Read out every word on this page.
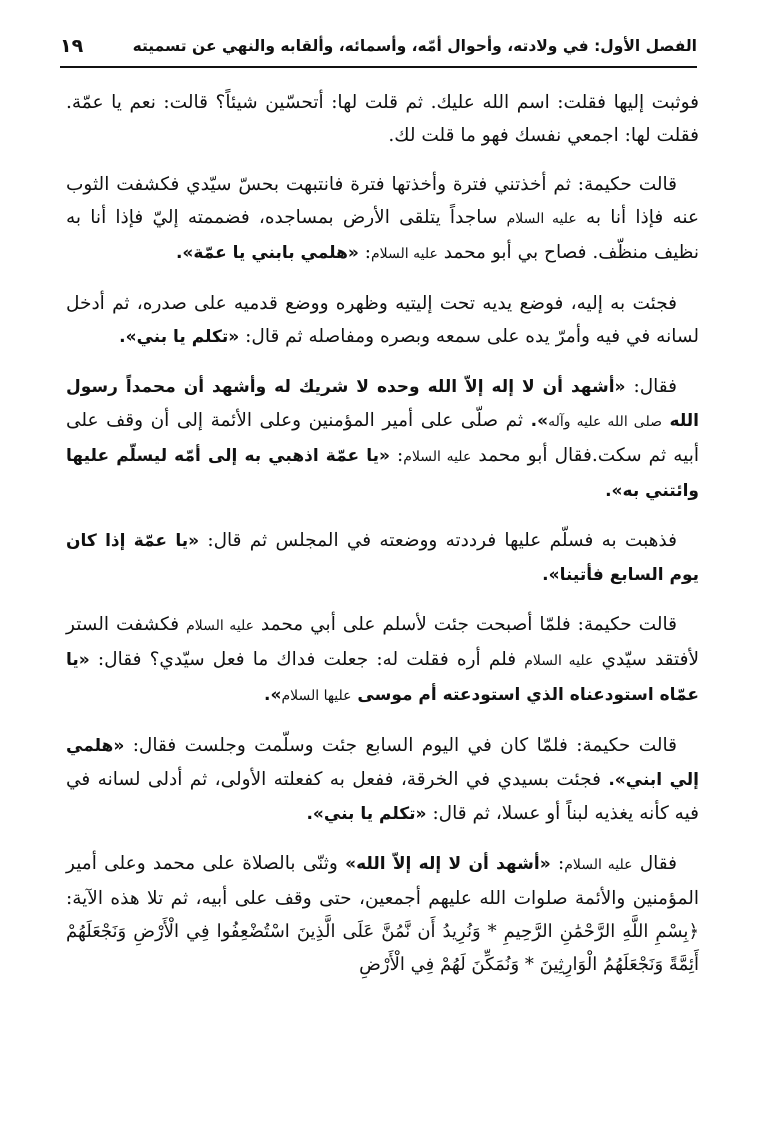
الفصل الأول: في ولادته، وأحوال أمّه، وأسمائه، وألقابه والنهي عن تسميته
١٩

فوثبت إليها فقلت: اسم الله عليك. ثم قلت لها: أتحسّين شيئاً؟ قالت: نعم يا عمّة. فقلت لها: اجمعي نفسك فهو ما قلت لك.

قالت حكيمة: ثم أخذتني فترة وأخذتها فترة فانتبهت بحسّ سيّدي فكشفت الثوب عنه فإذا أنا به عليه السلام ساجداً يتلقى الأرض بمساجده، فضممته إليّ فإذا أنا به نظيف منظّف. فصاح بي أبو محمد عليه السلام: «هلمي بابني يا عمّة».

فجئت به إليه، فوضع يديه تحت إليتيه وظهره ووضع قدميه على صدره، ثم أدخل لسانه في فيه وأمرّ يده على سمعه وبصره ومفاصله ثم قال: «تكلم يا بني».

فقال: «أشهد أن لا إله إلاّ الله وحده لا شريك له وأشهد أن محمداً رسول الله صلى الله عليه وآله». ثم صلّى على أمير المؤمنين وعلى الأئمة إلى أن وقف على أبيه ثم سكت.فقال أبو محمد عليه السلام: «يا عمّة اذهبي به إلى أمّه ليسلّم عليها وائتني به».

فذهبت به فسلّم عليها فرددته ووضعته في المجلس ثم قال: «يا عمّة إذا كان يوم السابع فأتينا».

قالت حكيمة: فلمّا أصبحت جئت لأسلم على أبي محمد عليه السلام فكشفت الستر لأفتقد سيّدي عليه السلام فلم أره فقلت له: جعلت فداك ما فعل سيّدي؟ فقال: «يا عمّاه استودعناه الذي استودعته أم موسى عليها السلام».

قالت حكيمة: فلمّا كان في اليوم السابع جئت وسلّمت وجلست فقال: «هلمي إلي ابني». فجئت بسيدي في الخرقة، ففعل به كفعلته الأولى، ثم أدلى لسانه في فيه كأنه يغذيه لبناً أو عسلا، ثم قال: «تكلم يا بني».

فقال عليه السلام: «أشهد أن لا إله إلاّ الله» وثنّى بالصلاة على محمد وعلى أمير المؤمنين والأئمة صلوات الله عليهم أجمعين، حتى وقف على أبيه، ثم تلا هذه الآية: ﴿بِسْمِ اللَّهِ الرَّحْمَٰنِ الرَّحِيمِ * وَنُرِيدُ أَن نَّمُنَّ عَلَى الَّذِينَ اسْتُضْعِفُوا فِي الْأَرْضِ وَنَجْعَلَهُمْ أَئِمَّةً وَنَجْعَلَهُمُ الْوَارِثِينَ * وَنُمَكِّنَ لَهُمْ فِي الْأَرْضِ
